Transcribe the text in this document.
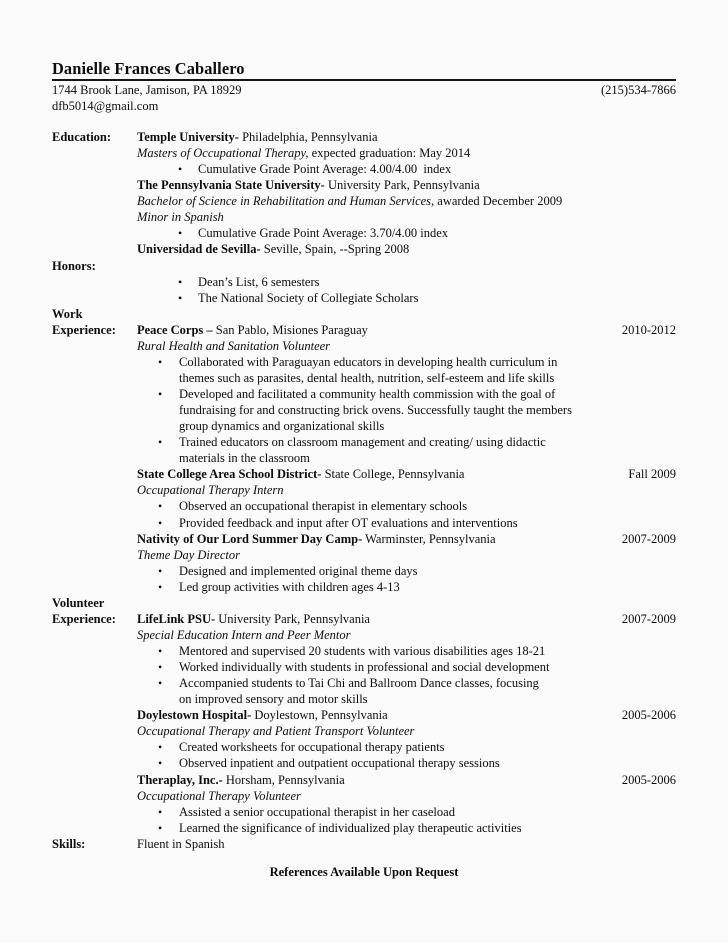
Danielle Frances Caballero
1744 Brook Lane, Jamison, PA 18929	(215)534-7866
dfb5014@gmail.com
Education:	Temple University- Philadelphia, Pennsylvania
Masters of Occupational Therapy, expected graduation: May 2014
•	Cumulative Grade Point Average: 4.00/4.00  index
The Pennsylvania State University- University Park, Pennsylvania
Bachelor of Science in Rehabilitation and Human Services, awarded December 2009
Minor in Spanish
•	Cumulative Grade Point Average: 3.70/4.00 index
Universidad de Sevilla- Seville, Spain, --Spring 2008
Honors:
•	Dean’s List, 6 semesters
•	The National Society of Collegiate Scholars
Work
Experience:	Peace Corps – San Pablo, Misiones Paraguay	2010-2012
Rural Health and Sanitation Volunteer
•	Collaborated with Paraguayan educators in developing health curriculum in
themes such as parasites, dental health, nutrition, self-esteem and life skills
•	Developed and facilitated a community health commission with the goal of
fundraising for and constructing brick ovens. Successfully taught the members
group dynamics and organizational skills
•	Trained educators on classroom management and creating/ using didactic
materials in the classroom
State College Area School District- State College, Pennsylvania	Fall 2009
Occupational Therapy Intern
•	Observed an occupational therapist in elementary schools
•	Provided feedback and input after OT evaluations and interventions
Nativity of Our Lord Summer Day Camp- Warminster, Pennsylvania	2007-2009
Theme Day Director
•	Designed and implemented original theme days
•	Led group activities with children ages 4-13
Volunteer
Experience:	LifeLink PSU- University Park, Pennsylvania	2007-2009
Special Education Intern and Peer Mentor
•	Mentored and supervised 20 students with various disabilities ages 18-21
•	Worked individually with students in professional and social development
•	Accompanied students to Tai Chi and Ballroom Dance classes, focusing
on improved sensory and motor skills
Doylestown Hospital- Doylestown, Pennsylvania	2005-2006
Occupational Therapy and Patient Transport Volunteer
•	Created worksheets for occupational therapy patients
•	Observed inpatient and outpatient occupational therapy sessions
Theraplay, Inc.- Horsham, Pennsylvania	2005-2006
Occupational Therapy Volunteer
•	Assisted a senior occupational therapist in her caseload
•	Learned the significance of individualized play therapeutic activities
Skills:	Fluent in Spanish
References Available Upon Request
